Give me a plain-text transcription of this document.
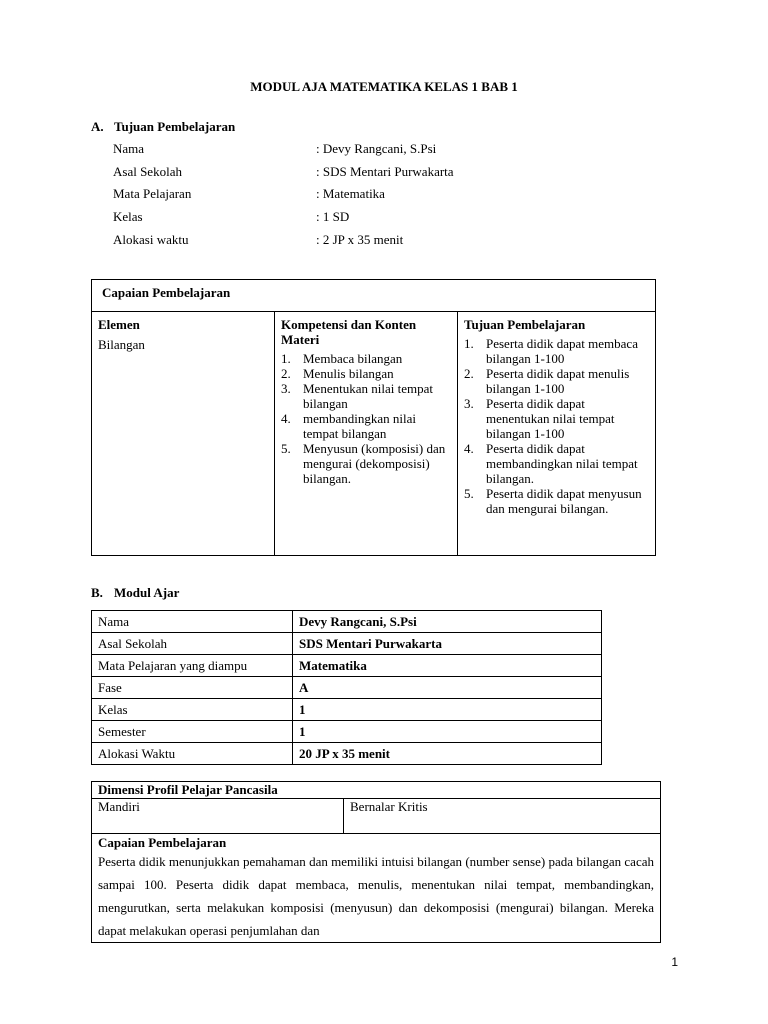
MODUL AJA MATEMATIKA KELAS 1 BAB 1
A. Tujuan Pembelajaran
Nama	: Devy Rangcani, S.Psi
Asal Sekolah	: SDS Mentari Purwakarta
Mata Pelajaran	: Matematika
Kelas	: 1 SD
Alokasi waktu	: 2 JP x 35 menit
Capaian Pembelajaran

Elemen
Bilangan

Kompetensi dan Konten Materi
1. Membaca bilangan
2. Menulis bilangan
3. Menentukan nilai tempat bilangan
4. membandingkan nilai tempat bilangan
5. Menyusun (komposisi) dan mengurai (dekomposisi) bilangan.

Tujuan Pembelajaran
1. Peserta didik dapat membaca bilangan 1-100
2. Peserta didik dapat menulis bilangan 1-100
3. Peserta didik dapat menentukan nilai tempat bilangan 1-100
4. Peserta didik dapat membandingkan nilai tempat bilangan.
5. Peserta didik dapat menyusun dan mengurai bilangan.
B. Modul Ajar
Nama	Devy Rangcani, S.Psi
Asal Sekolah	SDS Mentari Purwakarta
Mata Pelajaran yang diampu	Matematika
Fase	A
Kelas	1
Semester	1
Alokasi Waktu	20 JP x 35 menit
Dimensi Profil Pelajar Pancasila
Mandiri	Bernalar Kritis

Capaian Pembelajaran

Peserta didik menunjukkan pemahaman dan memiliki intuisi bilangan (number sense) pada bilangan cacah sampai 100. Peserta didik dapat membaca, menulis, menentukan nilai tempat, membandingkan, mengurutkan, serta melakukan komposisi (menyusun) dan dekomposisi (mengurai) bilangan. Mereka dapat melakukan operasi penjumlahan dan

1
